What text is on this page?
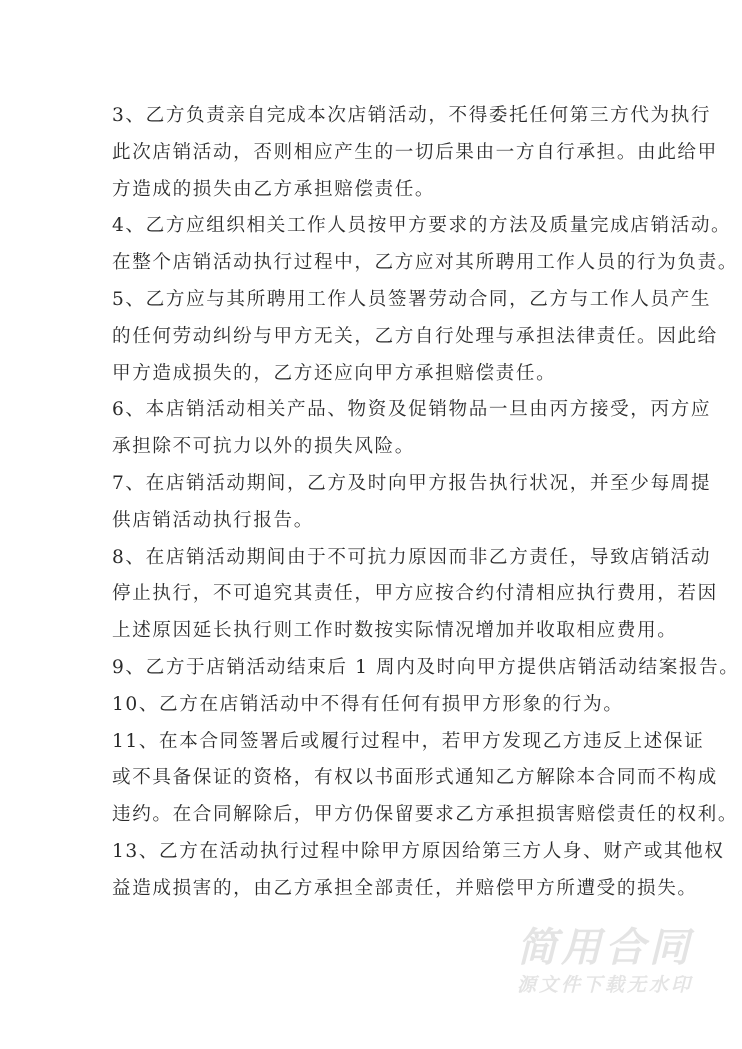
3、乙方负责亲自完成本次店销活动，不得委托任何第三方代为执行
此次店销活动，否则相应产生的一切后果由一方自行承担。由此给甲
方造成的损失由乙方承担赔偿责任。
4、乙方应组织相关工作人员按甲方要求的方法及质量完成店销活动。
在整个店销活动执行过程中，乙方应对其所聘用工作人员的行为负责。
5、乙方应与其所聘用工作人员签署劳动合同，乙方与工作人员产生
的任何劳动纠纷与甲方无关，乙方自行处理与承担法律责任。因此给
甲方造成损失的，乙方还应向甲方承担赔偿责任。
6、本店销活动相关产品、物资及促销物品一旦由丙方接受，丙方应
承担除不可抗力以外的损失风险。
7、在店销活动期间，乙方及时向甲方报告执行状况，并至少每周提
供店销活动执行报告。
8、在店销活动期间由于不可抗力原因而非乙方责任，导致店销活动
停止执行，不可追究其责任，甲方应按合约付清相应执行费用，若因
上述原因延长执行则工作时数按实际情况增加并收取相应费用。
9、乙方于店销活动结束后 1 周内及时向甲方提供店销活动结案报告。
10、乙方在店销活动中不得有任何有损甲方形象的行为。
11、在本合同签署后或履行过程中，若甲方发现乙方违反上述保证
或不具备保证的资格，有权以书面形式通知乙方解除本合同而不构成
违约。在合同解除后，甲方仍保留要求乙方承担损害赔偿责任的权利。
13、乙方在活动执行过程中除甲方原因给第三方人身、财产或其他权
益造成损害的，由乙方承担全部责任，并赔偿甲方所遭受的损失。
简用合同
源文件下载无水印
